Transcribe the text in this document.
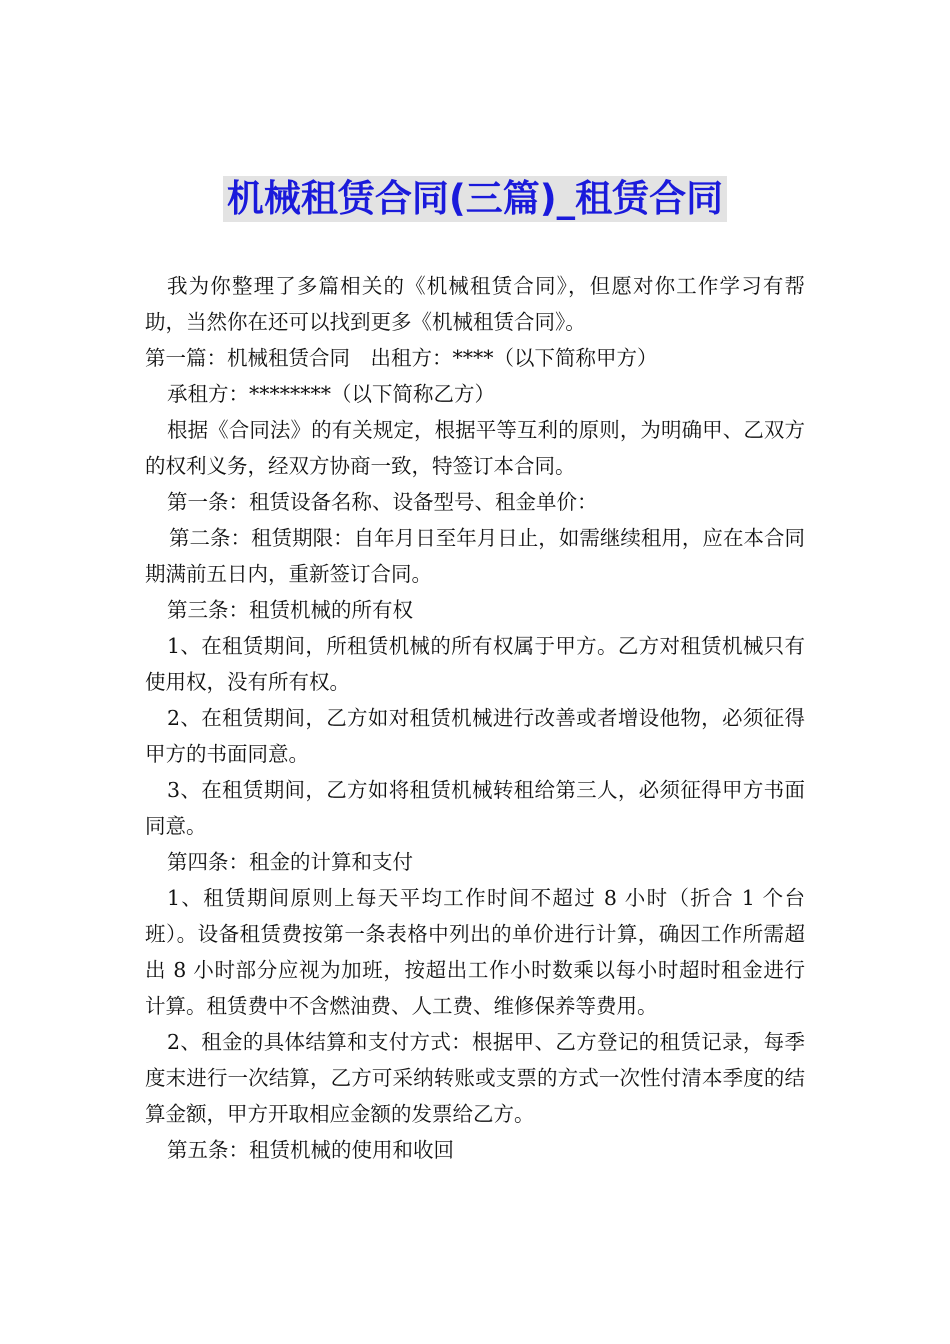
机械租赁合同(三篇)_租赁合同

我为你整理了多篇相关的《机械租赁合同》，但愿对你工作学习有帮助，当然你在还可以找到更多《机械租赁合同》。

第一篇：机械租赁合同　出租方：****（以下简称甲方）

承租方：********（以下简称乙方）

根据《合同法》的有关规定，根据平等互利的原则，为明确甲、乙双方的权利义务，经双方协商一致，特签订本合同。

第一条：租赁设备名称、设备型号、租金单价：

第二条：租赁期限：自年月日至年月日止，如需继续租用，应在本合同期满前五日内，重新签订合同。

第三条：租赁机械的所有权

1、在租赁期间，所租赁机械的所有权属于甲方。乙方对租赁机械只有使用权，没有所有权。

2、在租赁期间，乙方如对租赁机械进行改善或者增设他物，必须征得甲方的书面同意。

3、在租赁期间，乙方如将租赁机械转租给第三人，必须征得甲方书面同意。

第四条：租金的计算和支付

1、租赁期间原则上每天平均工作时间不超过 8 小时（折合 1 个台班）。设备租赁费按第一条表格中列出的单价进行计算，确因工作所需超出 8 小时部分应视为加班，按超出工作小时数乘以每小时超时租金进行计算。租赁费中不含燃油费、人工费、维修保养等费用。

2、租金的具体结算和支付方式：根据甲、乙方登记的租赁记录，每季度末进行一次结算，乙方可采纳转账或支票的方式一次性付清本季度的结算金额，甲方开取相应金额的发票给乙方。

第五条：租赁机械的使用和收回
